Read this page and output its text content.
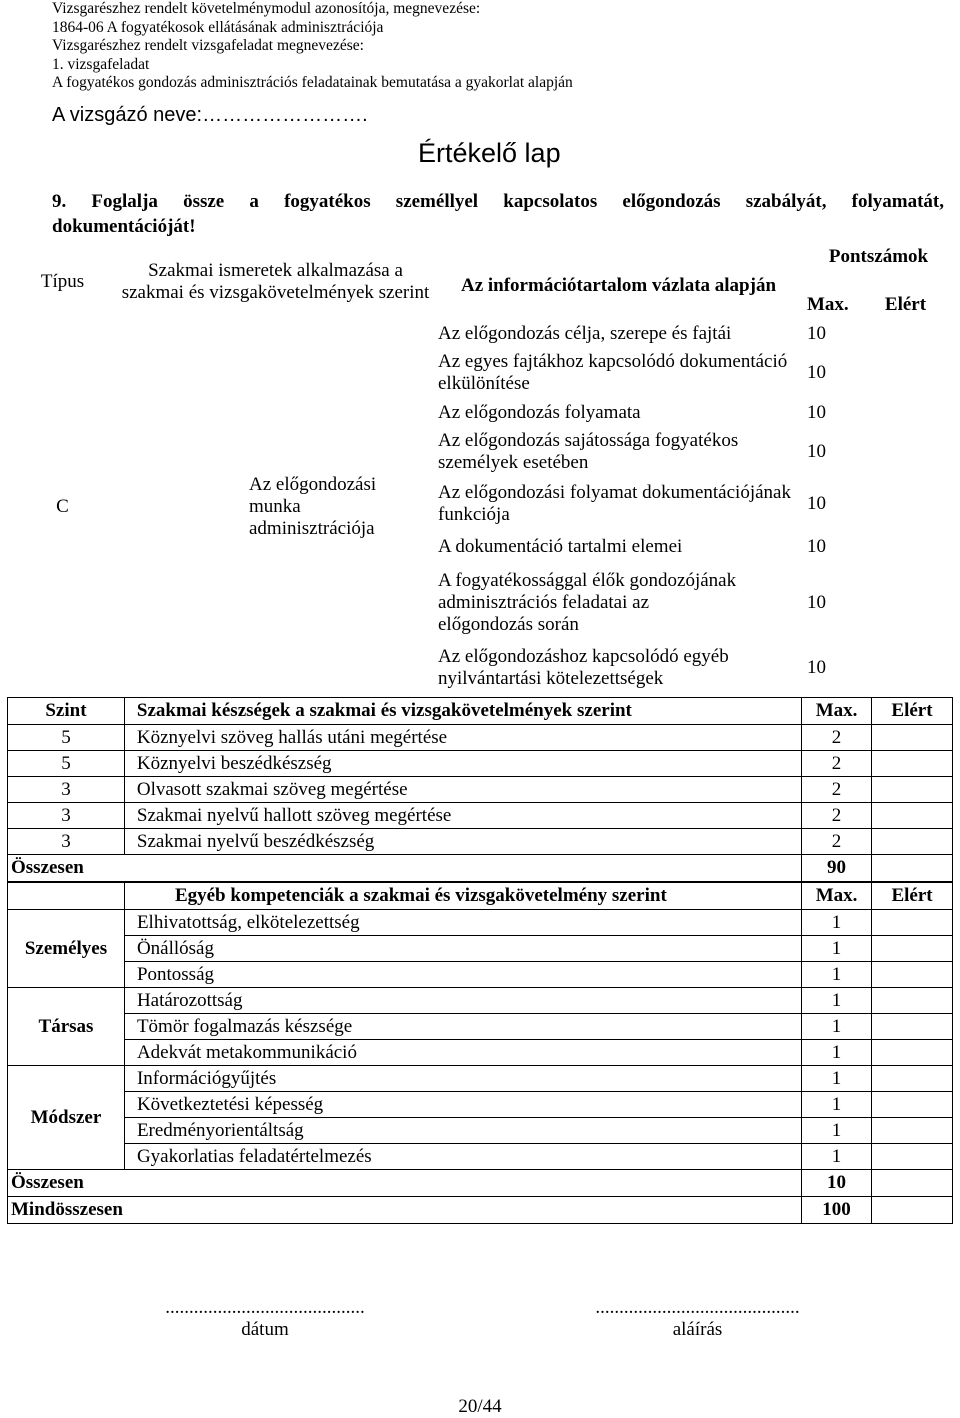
Vizsgarészhez rendelt követelménymodul azonosítója, megnevezése:
1864-06 A fogyatékosok ellátásának adminisztrációja
Vizsgarészhez rendelt vizsgafeladat megnevezése:
1. vizsgafeladat
A fogyatékos gondozás adminisztrációs feladatainak bemutatása a gyakorlat alapján
A vizsgázó neve:…………………….
Értékelő lap
9. Foglalja össze a fogyatékos személlyel kapcsolatos előgondozás szabályát, folyamatát,
dokumentációját!
Típus	Szakmai ismeretek alkalmazása a szakmai és vizsgakövetelmények szerint	Az információtartalom vázlata alapján	Pontszámok	
			Max.	Elért
C	Az előgondozási munka adminisztrációja	Az előgondozás célja, szerepe és fajtái	10	
		Az egyes fajtákhoz kapcsolódó dokumentáció elkülönítése	10	
		Az előgondozás folyamata	10	
		Az előgondozás sajátossága fogyatékos személyek esetében	10	
		Az előgondozási folyamat dokumentációjának funkciója	10	
		A dokumentáció tartalmi elemei	10	
		A fogyatékossággal élők gondozójának adminisztrációs feladatai az előgondozás során	10	
		Az előgondozáshoz kapcsolódó egyéb nyilvántartási kötelezettségek	10	
Szint	Szakmai készségek a szakmai és vizsgakövetelmények szerint	Max.	Elért
5	Köznyelvi szöveg hallás utáni megértése	2	
5	Köznyelvi beszédkészség	2	
3	Olvasott szakmai szöveg megértése	2	
3	Szakmai nyelvű hallott szöveg megértése	2	
3	Szakmai nyelvű beszédkészség	2	
Összesen		90	
	Egyéb kompetenciák a szakmai és vizsgakövetelmény szerint	Max.	Elért
Személyes	Elhivatottság, elkötelezettség	1	
	Önállóság	1	
	Pontosság	1	
Társas	Határozottság	1	
	Tömör fogalmazás készsége	1	
	Adekvát metakommunikáció	1	
Módszer	Információgyűjtés	1	
	Következtetési képesség	1	
	Eredményorientáltság	1	
	Gyakorlatias feladatértelmezés	1	
Összesen		10	
Mindösszesen		100	
..........................................
dátum
...........................................
aláírás
20/44
